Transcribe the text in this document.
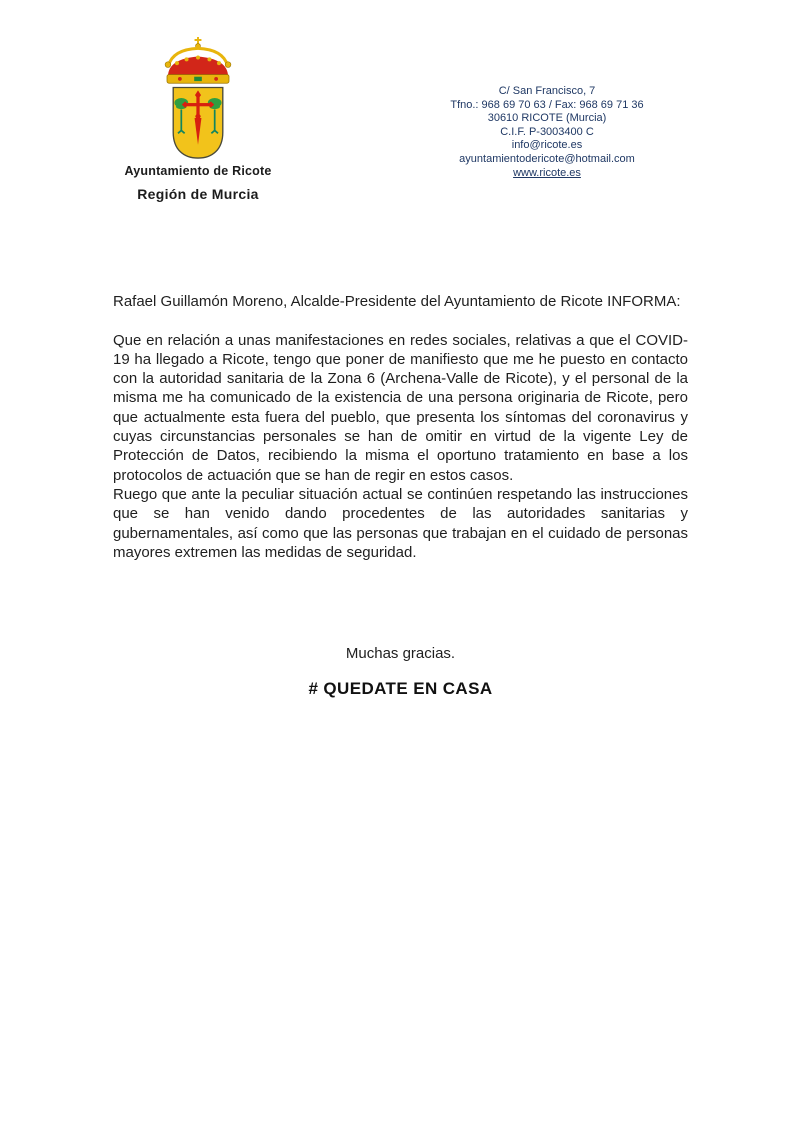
Ayuntamiento de Ricote
Región de Murcia
C/ San Francisco, 7
Tfno.: 968 69 70 63 / Fax: 968 69 71 36
30610 RICOTE (Murcia)
C.I.F. P-3003400 C
info@ricote.es
ayuntamientodericote@hotmail.com
www.ricote.es

Rafael Guillamón Moreno, Alcalde-Presidente del Ayuntamiento de Ricote INFORMA:

Que en relación a unas manifestaciones en redes sociales, relativas a que el COVID-19 ha llegado a Ricote, tengo que poner de manifiesto que me he puesto en contacto con la autoridad sanitaria de la Zona 6 (Archena-Valle de Ricote), y el personal de la misma me ha comunicado de la existencia de una persona originaria de Ricote, pero que actualmente esta fuera del pueblo, que presenta los síntomas del coronavirus y cuyas circunstancias personales se han de omitir en virtud de la vigente Ley de Protección de Datos, recibiendo la misma el oportuno tratamiento en base a los protocolos de actuación que se han de regir en estos casos.

Ruego que ante la peculiar situación actual se continúen respetando las instrucciones que se han venido dando procedentes de las autoridades sanitarias y gubernamentales, así como que las personas que trabajan en el cuidado de personas mayores extremen las medidas de seguridad.

Muchas gracias.
# QUEDATE EN CASA
